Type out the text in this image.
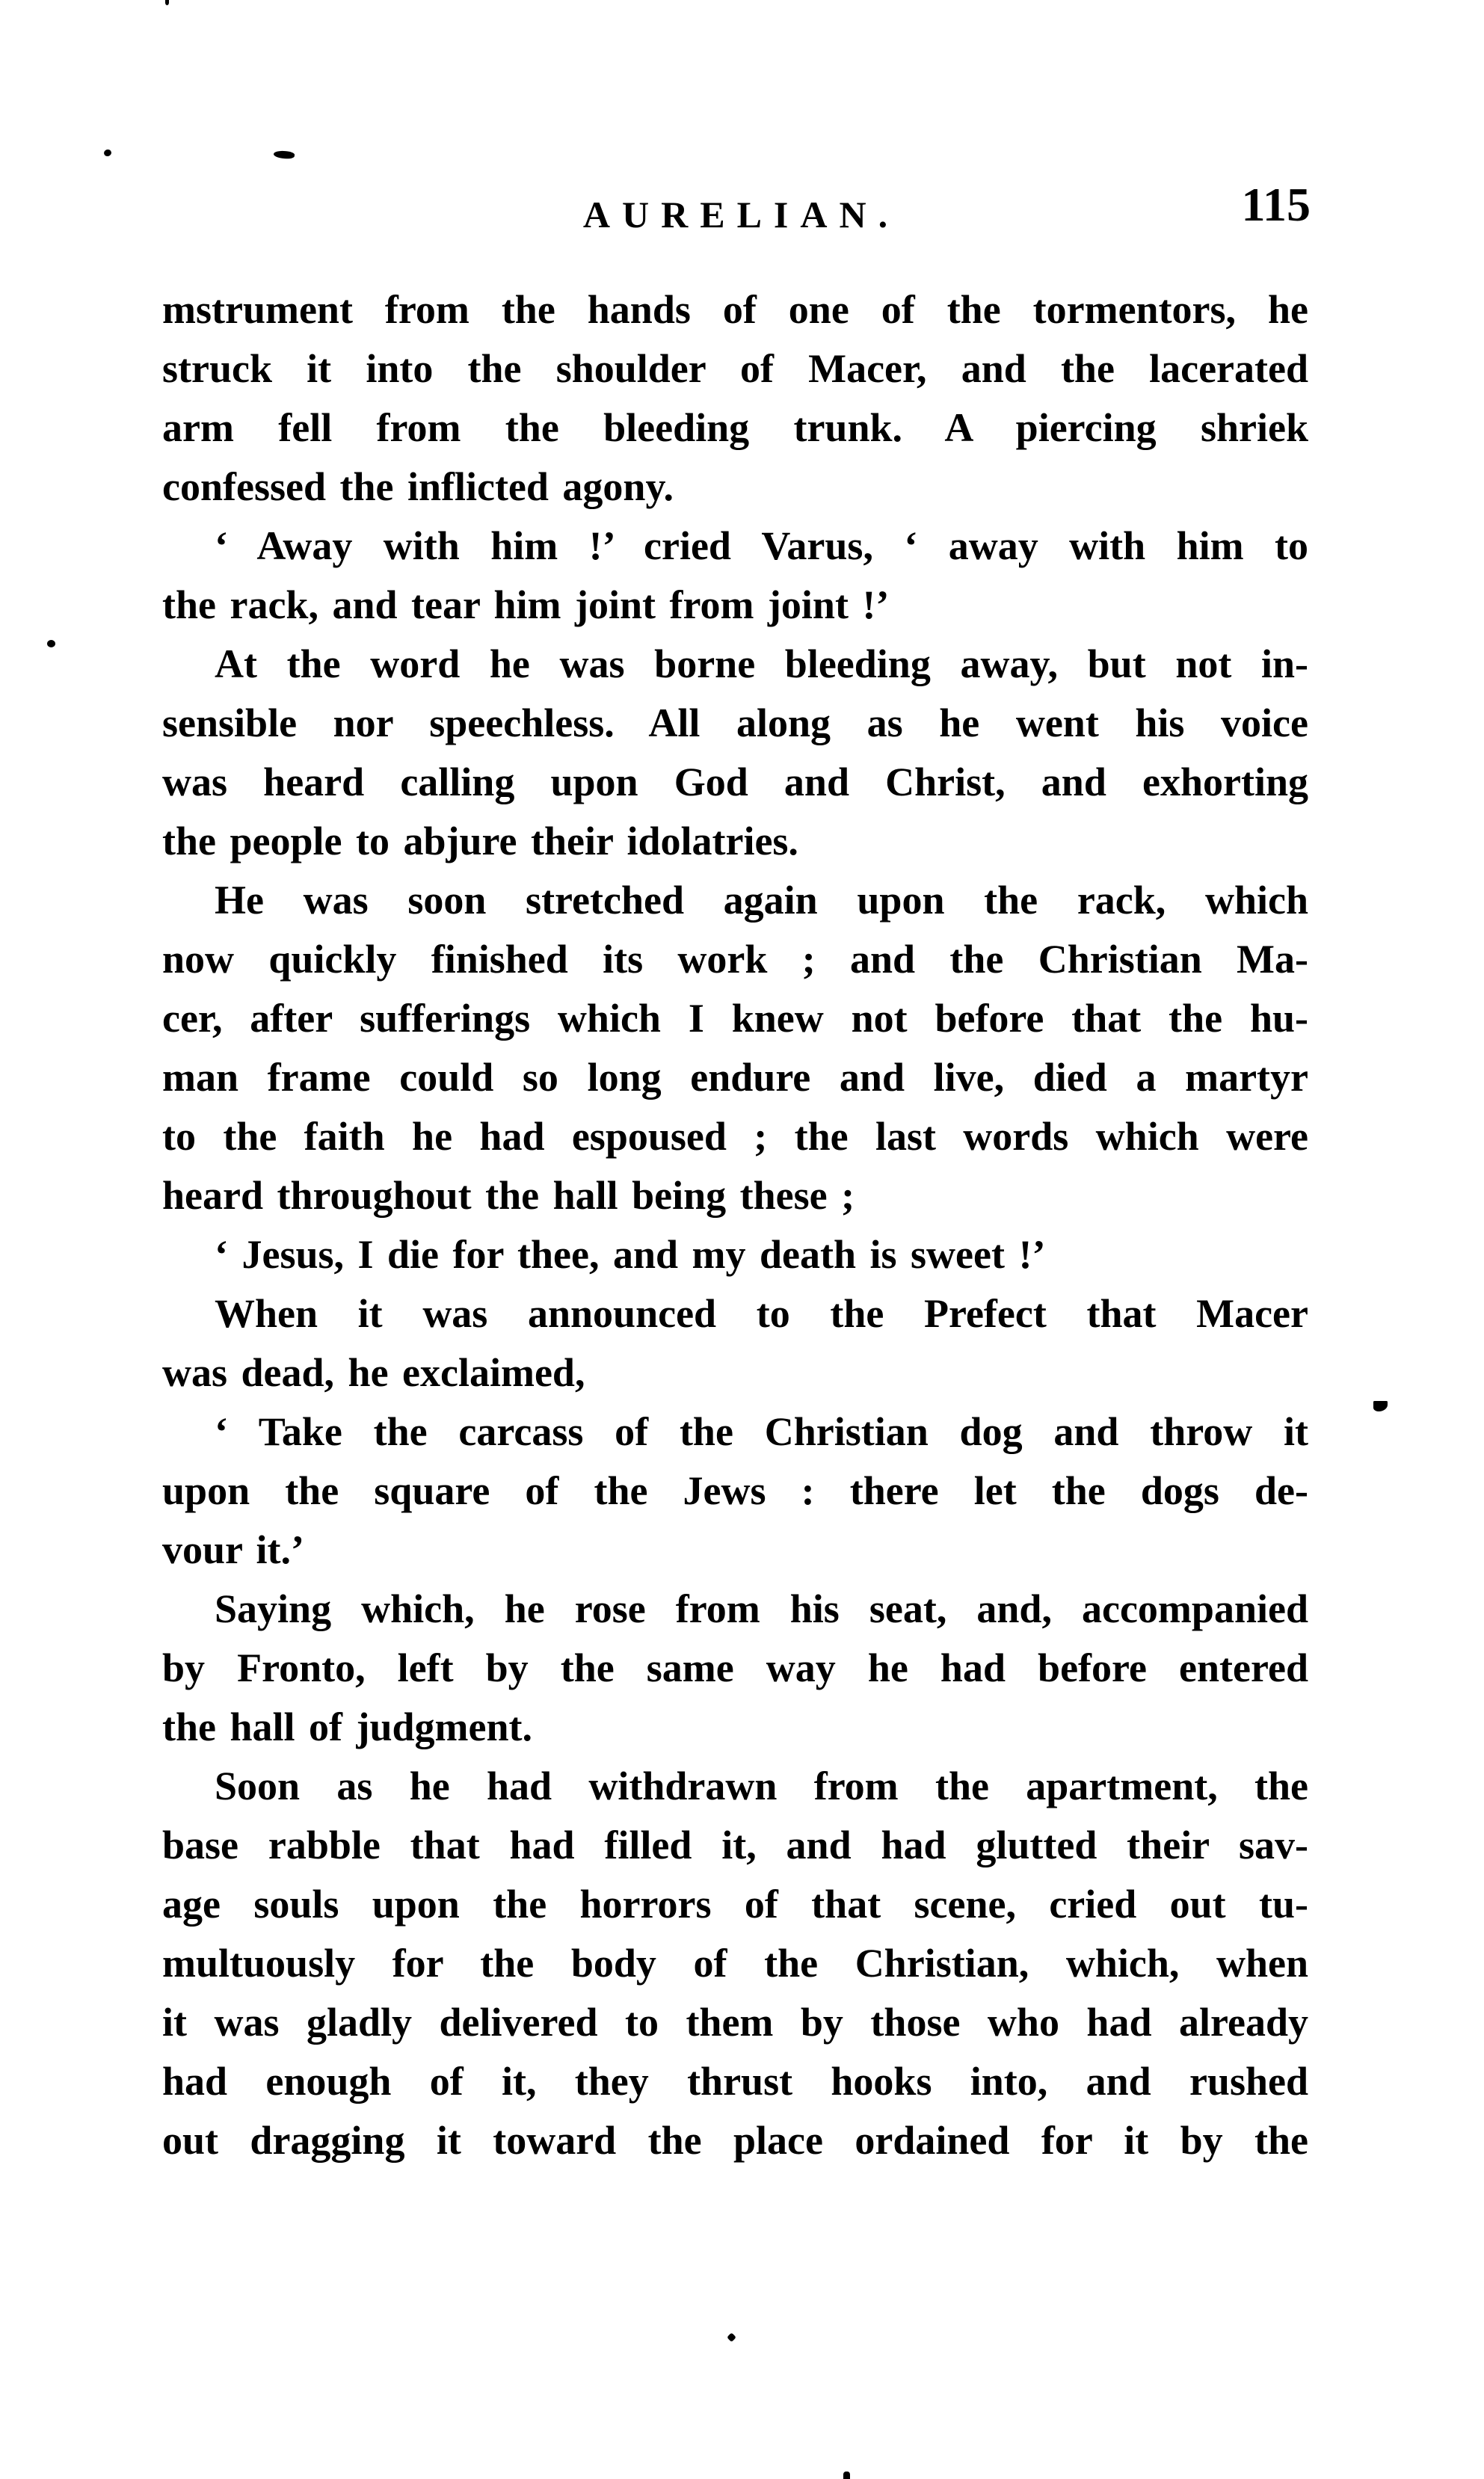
AURELIAN.	115
mstrument from the hands of one of the tormentors, he
struck it into the shoulder of Macer, and the lacerated
arm fell from the bleeding trunk. A piercing shriek
confessed the inflicted agony.
‘ Away with him !’ cried Varus, ‘ away with him to
the rack, and tear him joint from joint !’
At the word he was borne bleeding away, but not in-
sensible nor speechless. All along as he went his voice
was heard calling upon God and Christ, and exhorting
the people to abjure their idolatries.
He was soon stretched again upon the rack, which
now quickly finished its work ; and the Christian Ma-
cer, after sufferings which I knew not before that the hu-
man frame could so long endure and live, died a martyr
to the faith he had espoused ; the last words which were
heard throughout the hall being these ;
‘ Jesus, I die for thee, and my death is sweet !’
When it was announced to the Prefect that Macer
was dead, he exclaimed,
‘ Take the carcass of the Christian dog and throw it
upon the square of the Jews : there let the dogs de-
vour it.’
Saying which, he rose from his seat, and, accompanied
by Fronto, left by the same way he had before entered
the hall of judgment.
Soon as he had withdrawn from the apartment, the
base rabble that had filled it, and had glutted their sav-
age souls upon the horrors of that scene, cried out tu-
multuously for the body of the Christian, which, when
it was gladly delivered to them by those who had already
had enough of it, they thrust hooks into, and rushed
out dragging it toward the place ordained for it by the
